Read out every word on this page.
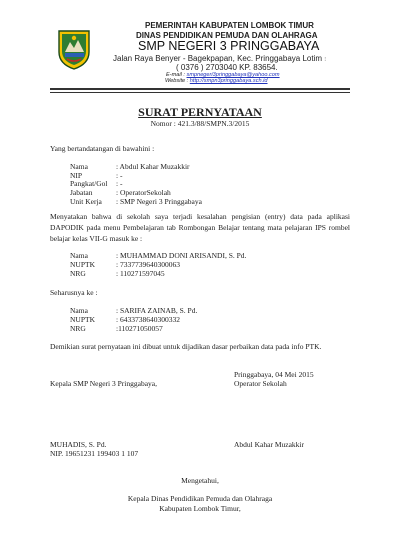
PEMERINTAH KABUPATEN LOMBOK TIMUR
DINAS PENDIDIKAN PEMUDA DAN OLAHRAGA
SMP NEGERI 3 PRINGGABAYA
Jalan Raya Benyer - Bagekpapan, Kec. Pringgabaya Lotim ⁝
( 0376 ) 2703040 KP. 83654.
E-mail : smpnegeri3pringgabaya@yahoo.com
Website : http://smpn3pringgabaya.sch.id
SURAT PERNYATAAN
Nomor : 421.3/88/SMPN.3/2015
Yang bertandatangan di bawahini :
Nama	: Abdul Kahar Muzakkir
NIP	: -
Pangkat/Gol : -
Jabatan	: OperatorSekolah
Unit Kerja : SMP Negeri 3 Pringgabaya
Menyatakan bahwa di sekolah saya terjadi kesalahan pengisian (entry) data pada aplikasi DAPODIK pada menu Pembelajaran tab Rombongan Belajar tentang mata pelajaran IPS rombel belajar kelas VII-G masuk ke :
Nama	: MUHAMMAD DONI ARISANDI, S. Pd.
NUPTK	: 7337739640300063
NRG	: 110271597045
Seharusnya ke :
Nama	: SARIFA ZAINAB, S. Pd.
NUPTK	: 6433738640300332
NRG	:110271050057
Demikian surat pernyataan ini dibuat untuk dijadikan dasar perbaikan data pada info PTK.
Pringgabaya, 04 Mei 2015
Kepala SMP Negeri 3 Pringgabaya,	Operator Sekolah
MUHADIS, S. Pd.	Abdul Kahar Muzakkir
NIP. 19651231 199403 1 107
Mengetahui,
Kepala Dinas Pendidikan Pemuda dan Olahraga
Kabupaten Lombok Timur,
